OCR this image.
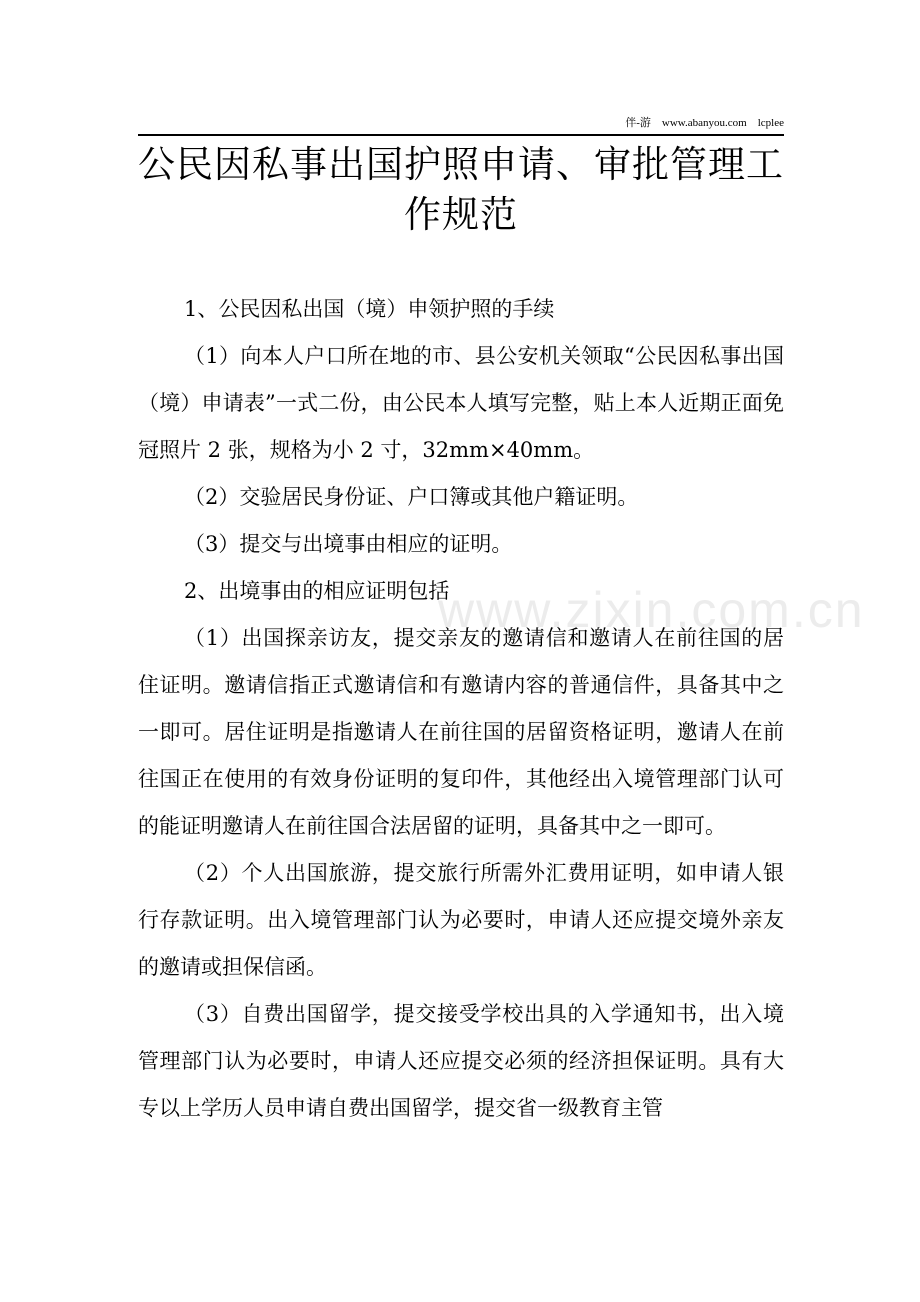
www.zixin.com.cn
伴-游    www.abanyou.com    lcplee
公民因私事出国护照申请、审批管理工作规范

1、公民因私出国（境）申领护照的手续

（1）向本人户口所在地的市、县公安机关领取“公民因私事出国（境）申请表”一式二份，由公民本人填写完整，贴上本人近期正面免冠照片 2 张，规格为小 2 寸，32mm×40mm。

（2）交验居民身份证、户口簿或其他户籍证明。

（3）提交与出境事由相应的证明。

2、出境事由的相应证明包括

（1）出国探亲访友，提交亲友的邀请信和邀请人在前往国的居住证明。邀请信指正式邀请信和有邀请内容的普通信件，具备其中之一即可。居住证明是指邀请人在前往国的居留资格证明，邀请人在前往国正在使用的有效身份证明的复印件，其他经出入境管理部门认可的能证明邀请人在前往国合法居留的证明，具备其中之一即可。

（2）个人出国旅游，提交旅行所需外汇费用证明，如申请人银行存款证明。出入境管理部门认为必要时，申请人还应提交境外亲友的邀请或担保信函。

（3）自费出国留学，提交接受学校出具的入学通知书，出入境管理部门认为必要时，申请人还应提交必须的经济担保证明。具有大专以上学历人员申请自费出国留学，提交省一级教育主管
